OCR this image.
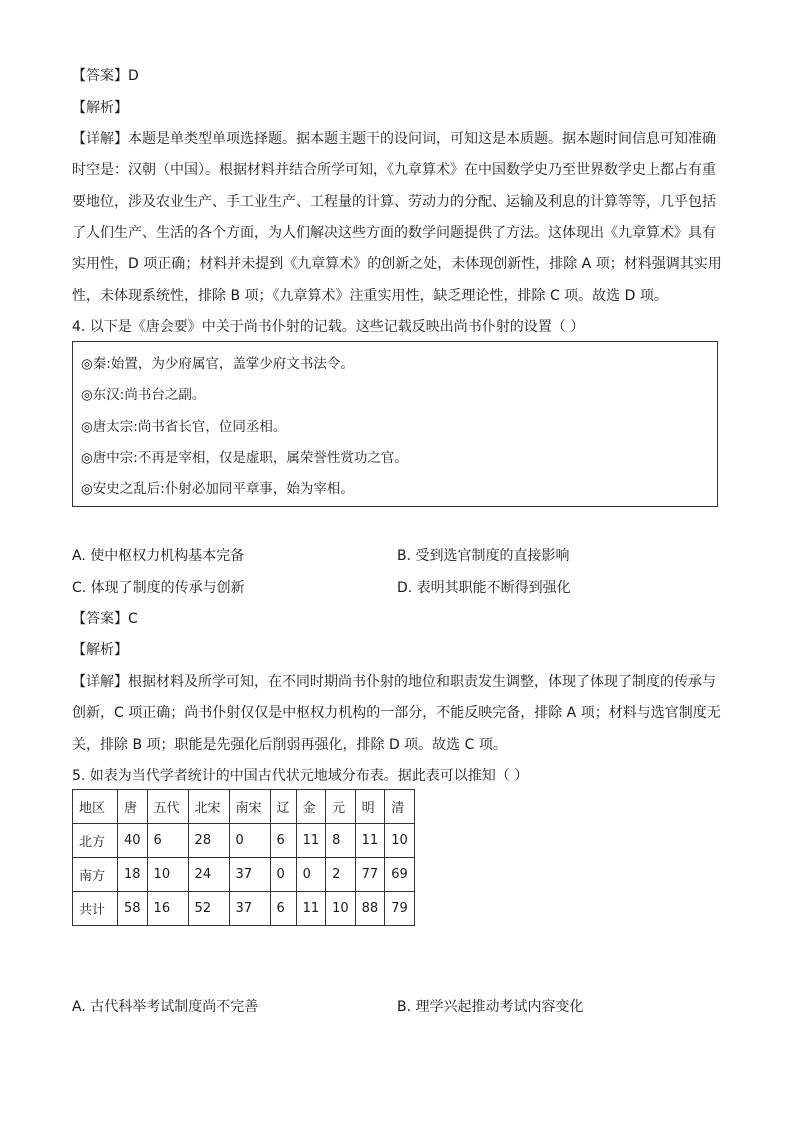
【答案】D
【解析】
【详解】本题是单类型单项选择题。据本题主题干的设问词，可知这是本质题。据本题时间信息可知准确
时空是：汉朝（中国）。根据材料并结合所学可知，《九章算术》在中国数学史乃至世界数学史上都占有重
要地位，涉及农业生产、手工业生产、工程量的计算、劳动力的分配、运输及利息的计算等等，几乎包括
了人们生产、生活的各个方面，为人们解决这些方面的数学问题提供了方法。这体现出《九章算术》具有
实用性，D 项正确；材料并未提到《九章算术》的创新之处，未体现创新性，排除 A 项；材料强调其实用
性，未体现系统性，排除 B 项；《九章算术》注重实用性，缺乏理论性，排除 C 项。故选 D 项。
4. 以下是《唐会要》中关于尚书仆射的记载。这些记载反映出尚书仆射的设置（ ）
◎秦:始置，为少府属官，盖掌少府文书法令。
◎东汉:尚书台之副。
◎唐太宗:尚书省长官，位同丞相。
◎唐中宗:不再是宰相，仅是虚职，属荣誉性赏功之官。
◎安史之乱后:仆射必加同平章事，始为宰相。
A. 使中枢权力机构基本完备	B. 受到选官制度的直接影响
C. 体现了制度的传承与创新	D. 表明其职能不断得到强化
【答案】C
【解析】
【详解】根据材料及所学可知，在不同时期尚书仆射的地位和职责发生调整，体现了体现了制度的传承与
创新，C 项正确；尚书仆射仅仅是中枢权力机构的一部分，不能反映完备，排除 A 项；材料与选官制度无
关，排除 B 项；职能是先强化后削弱再强化，排除 D 项。故选 C 项。
5. 如表为当代学者统计的中国古代状元地域分布表。据此表可以推知（ ）
地区	唐	五代	北宋	南宋	辽	金	元	明	清
北方	40	6	28	0	6	11	8	11	10
南方	18	10	24	37	0	0	2	77	69
共计	58	16	52	37	6	11	10	88	79
A. 古代科举考试制度尚不完善	B. 理学兴起推动考试内容变化
